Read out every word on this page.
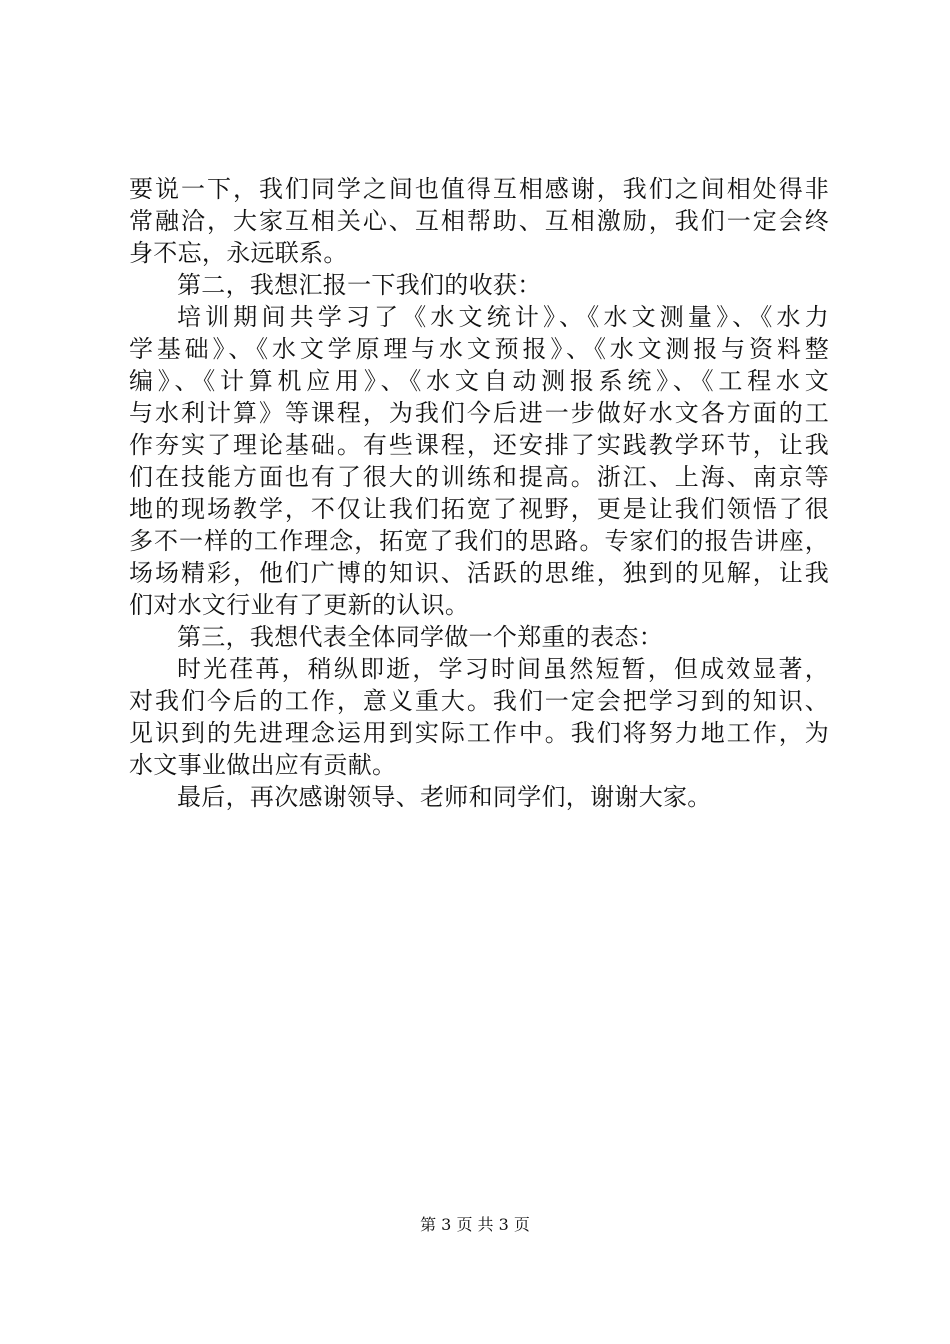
要说一下，我们同学之间也值得互相感谢，我们之间相处得非
常融洽，大家互相关心、互相帮助、互相激励，我们一定会终
身不忘，永远联系。
第二，我想汇报一下我们的收获：
培训期间共学习了《水文统计》、《水文测量》、《水力
学基础》、《水文学原理与水文预报》、《水文测报与资料整
编》、《计算机应用》、《水文自动测报系统》、《工程水文
与水利计算》等课程，为我们今后进一步做好水文各方面的工
作夯实了理论基础。有些课程，还安排了实践教学环节，让我
们在技能方面也有了很大的训练和提高。浙江、上海、南京等
地的现场教学，不仅让我们拓宽了视野，更是让我们领悟了很
多不一样的工作理念，拓宽了我们的思路。专家们的报告讲座，
场场精彩，他们广博的知识、活跃的思维，独到的见解，让我
们对水文行业有了更新的认识。
第三，我想代表全体同学做一个郑重的表态：
时光荏苒，稍纵即逝，学习时间虽然短暂，但成效显著，
对我们今后的工作，意义重大。我们一定会把学习到的知识、
见识到的先进理念运用到实际工作中。我们将努力地工作，为
水文事业做出应有贡献。
最后，再次感谢领导、老师和同学们，谢谢大家。
第 3 页 共 3 页
